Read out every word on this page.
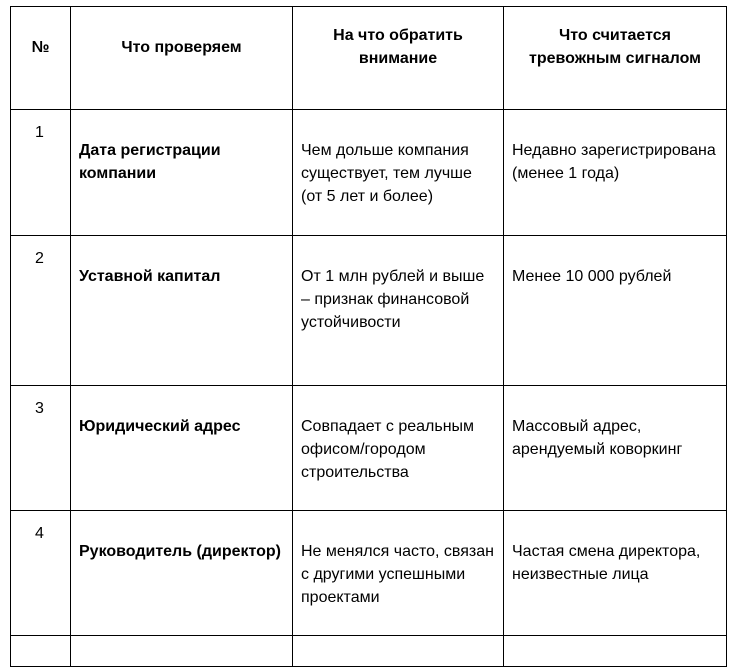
№	Что проверяем	На что обратить внимание	Что считается тревожным сигналом

1	Дата регистрации компании	Чем дольше компания существует, тем лучше (от 5 лет и более)	Недавно зарегистрирована (менее 1 года)

2	Уставной капитал	От 1 млн рублей и выше – признак финансовой устойчивости	Менее 10 000 рублей

3	Юридический адрес	Совпадает с реальным офисом/городом строительства	Массовый адрес, арендуемый коворкинг

4	Руководитель (директор)	Не менялся часто, связан с другими успешными проектами	Частая смена директора, неизвестные лица
